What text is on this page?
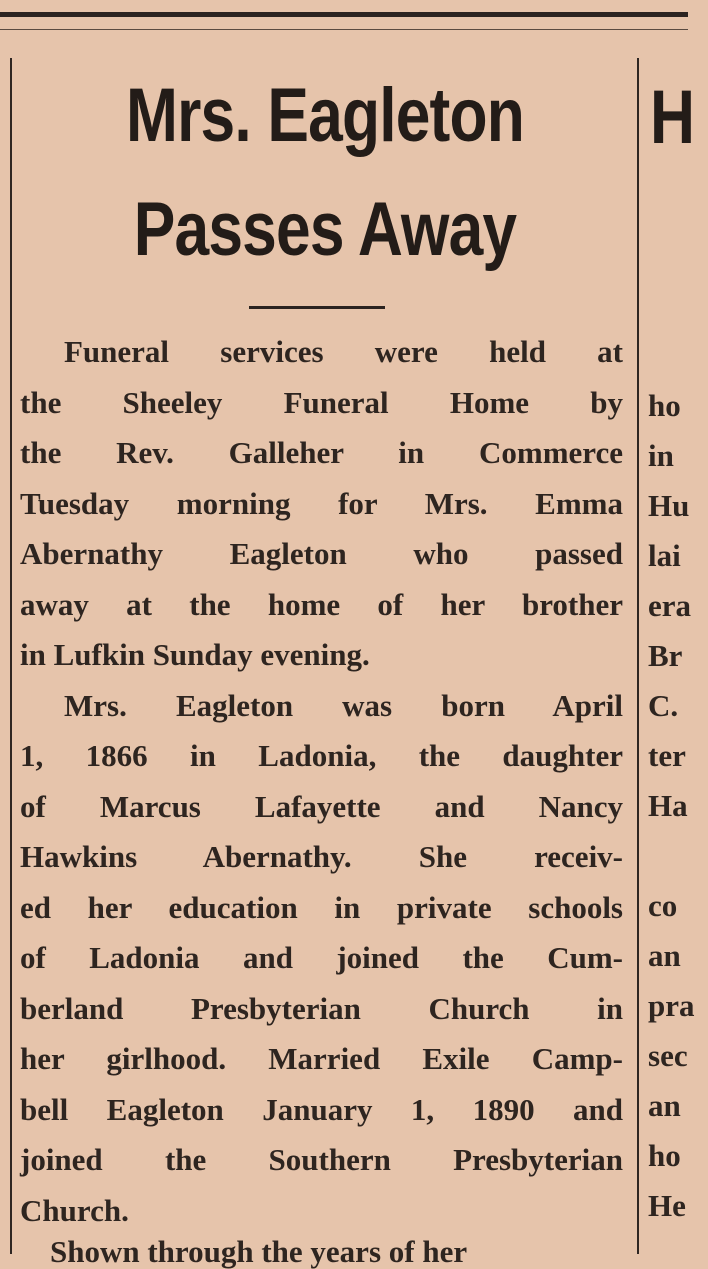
Mrs. Eagleton
Passes Away
Funeral services were held at
the Sheeley Funeral Home by
the Rev. Galleher in Commerce
Tuesday morning for Mrs. Emma
Abernathy Eagleton who passed
away at the home of her brother
in Lufkin Sunday evening.
Mrs. Eagleton was born April
1, 1866 in Ladonia, the daughter
of Marcus Lafayette and Nancy
Hawkins Abernathy. She receiv-
ed her education in private schools
of Ladonia and joined the Cum-
berland Presbyterian Church in
her girlhood. Married Exile Camp-
bell Eagleton January 1, 1890 and
joined the Southern Presbyterian
Church.
Shown through the years of her
H
ho
in
Hu
lai
era
Br
C.
ter
Ha
co
an
pra
sec
an
ho
He
